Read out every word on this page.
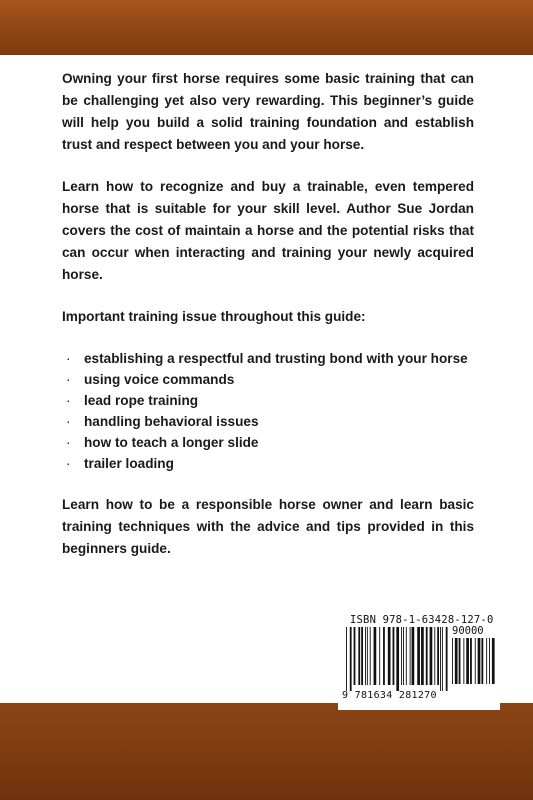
Owning your first horse requires some basic training that can be challenging yet also very rewarding. This beginner’s guide will help you build a solid training foundation and establish trust and respect between you and your horse.

Learn how to recognize and buy a trainable, even tempered horse that is suitable for your skill level. Author Sue Jordan covers the cost of maintain a horse and the potential risks that can occur when interacting and training your newly acquired horse.

Important training issue throughout this guide:

· establishing a respectful and trusting bond with your horse
· using voice commands
· lead rope training
· handling behavioral issues
· how to teach a longer slide
· trailer loading

Learn how to be a responsible horse owner and learn basic training techniques with the advice and tips provided in this beginners guide.

ISBN 978-1-63428-127-0
90000
9 781634 281270
